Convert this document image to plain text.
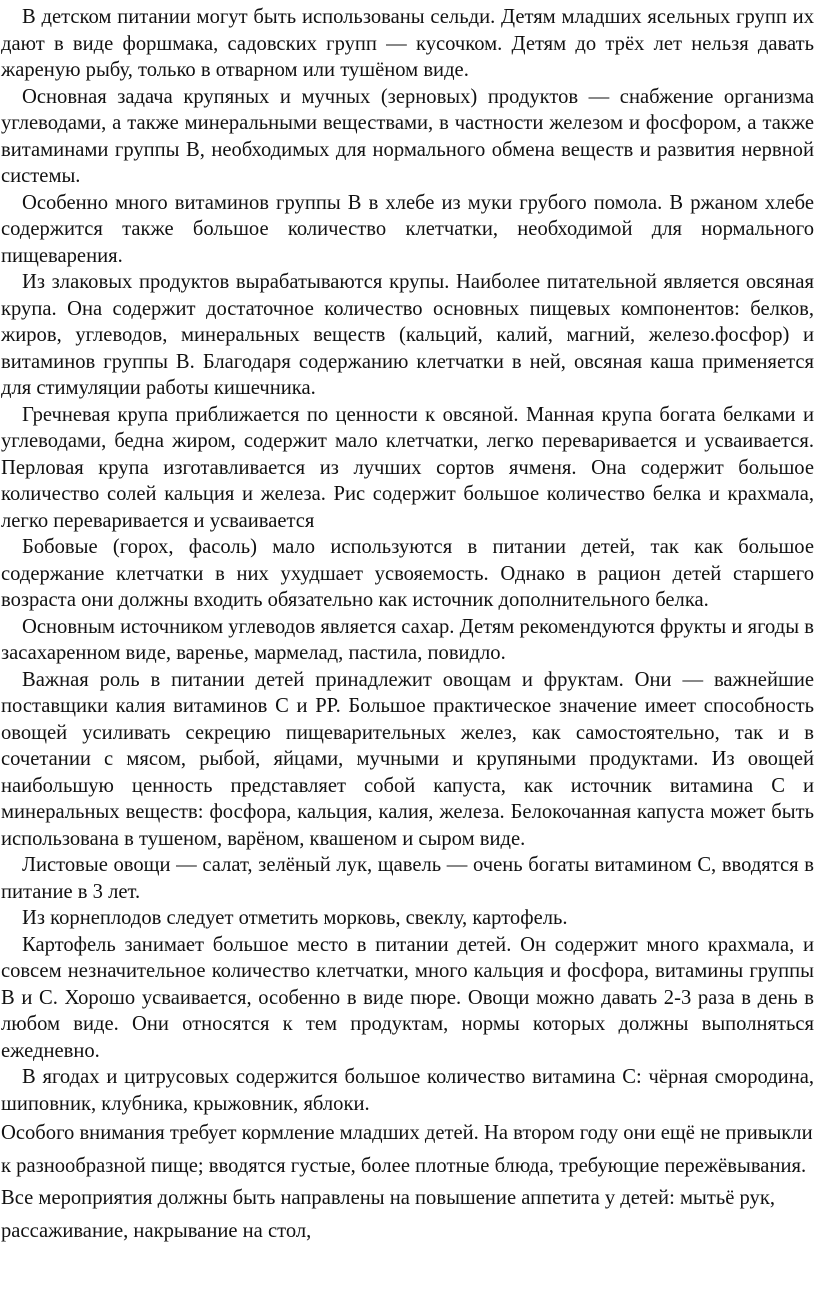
В детском питании могут быть использованы сельди. Детям младших ясельных групп их дают в виде форшмака, садовских групп — кусочком. Детям до трёх лет нельзя давать жареную рыбу, только в отварном или тушёном виде.

Основная задача крупяных и мучных (зерновых) продуктов — снабжение организма углеводами, а также минеральными веществами, в частности железом и фосфором, а также витаминами группы В, необходимых для нормального обмена веществ и развития нервной системы.

Особенно много витаминов группы В в хлебе из муки грубого помола. В ржаном хлебе содержится также большое количество клетчатки, необходимой для нормального пищеварения.

Из злаковых продуктов вырабатываются крупы. Наиболее питательной является овсяная крупа. Она содержит достаточное количество основных пищевых компонентов: белков, жиров, углеводов, минеральных веществ (кальций, калий, магний, железо.фосфор) и витаминов группы В. Благодаря содержанию клетчатки в ней, овсяная каша применяется для стимуляции работы кишечника.

Гречневая крупа приближается по ценности к овсяной. Манная крупа богата белками и углеводами, бедна жиром, содержит мало клетчатки, легко переваривается и усваивается. Перловая крупа изготавливается из лучших сортов ячменя. Она содержит большое количество солей кальция и железа. Рис содержит большое количество белка и крахмала, легко переваривается и усваивается

Бобовые (горох, фасоль) мало используются в питании детей, так как большое содержание клетчатки в них ухудшает усвояемость. Однако в рацион детей старшего возраста они должны входить обязательно как источник дополнительного белка.

Основным источником углеводов является сахар. Детям рекомендуются фрукты и ягоды в засахаренном виде, варенье, мармелад, пастила, повидло.

Важная роль в питании детей принадлежит овощам и фруктам. Они — важнейшие поставщики калия витаминов С и РР. Большое практическое значение имеет способность овощей усиливать секрецию пищеварительных желез, как самостоятельно, так и в сочетании с мясом, рыбой, яйцами, мучными и крупяными продуктами. Из овощей наибольшую ценность представляет собой капуста, как источник витамина С и минеральных веществ: фосфора, кальция, калия, железа. Белокочанная капуста может быть использована в тушеном, варёном, квашеном и сыром виде.

Листовые овощи — салат, зелёный лук, щавель — очень богаты витамином С, вводятся в питание в 3 лет.

Из корнеплодов следует отметить морковь, свеклу, картофель.

Картофель занимает большое место в питании детей. Он содержит много крахмала, и совсем незначительное количество клетчатки, много кальция и фосфора, витамины группы В и С. Хорошо усваивается, особенно в виде пюре. Овощи можно давать 2-3 раза в день в любом виде. Они относятся к тем продуктам, нормы которых должны выполняться ежедневно.

В ягодах и цитрусовых содержится большое количество витамина С: чёрная смородина, шиповник, клубника, крыжовник, яблоки.

Особого внимания требует кормление младших детей. На втором году они ещё не привыкли к разнообразной пище; вводятся густые, более плотные блюда, требующие пережёвывания. Все мероприятия должны быть направлены на повышение аппетита у детей: мытьё рук, рассаживание, накрывание на стол,
